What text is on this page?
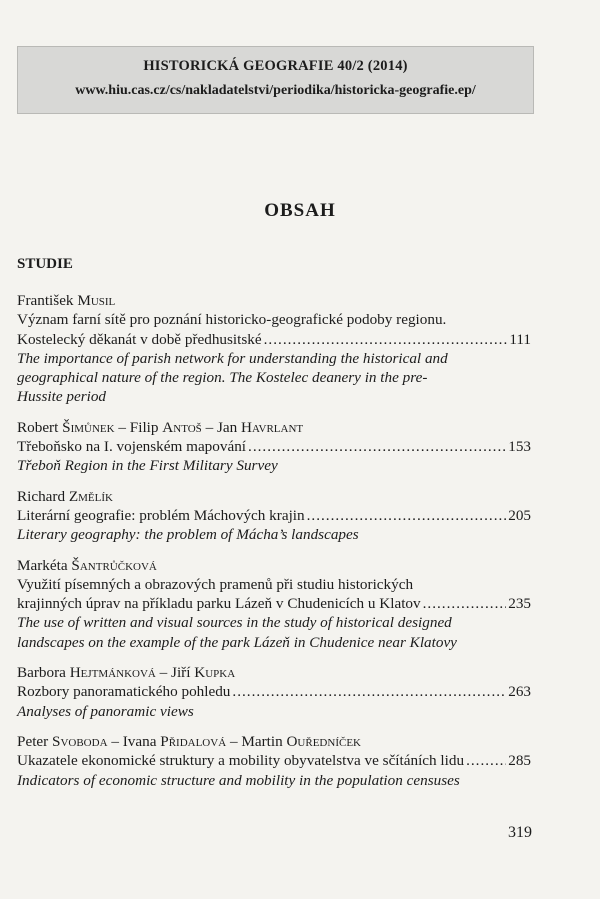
HISTORICKÁ GEOGRAFIE 40/2 (2014)
www.hiu.cas.cz/cs/nakladatelstvi/periodika/historicka-geografie.ep/
OBSAH
STUDIE
František Musil
Význam farní sítě pro poznání historicko-geografické podoby regionu.
Kostelecký děkanát v době předhusitské .....	111
The importance of parish network for understanding the historical and
geographical nature of the region. The Kostelec deanery in the pre-
Hussite period
Robert Šimůnek – Filip Antoš – Jan Havrlant
Třeboňsko na I. vojenském mapování .....	153
Třeboň Region in the First Military Survey
Richard Změlík
Literární geografie: problém Máchových krajin .....	205
Literary geography: the problem of Mácha’s landscapes
Markéta Šantrůčková
Využití písemných a obrazových pramenů při studiu historických
krajinných úprav na příkladu parku Lázeň v Chudenicích u Klatov .....	235
The use of written and visual sources in the study of historical designed
landscapes on the example of the park Lázeň in Chudenice near Klatovy
Barbora Hejtmánková – Jiří Kupka
Rozbory panoramatického pohledu .....	263
Analyses of panoramic views
Peter Svoboda – Ivana Přidalová – Martin Ouředníček
Ukazatele ekonomické struktury a mobility obyvatelstva ve sčítáních lidu .....	285
Indicators of economic structure and mobility in the population censuses
319
